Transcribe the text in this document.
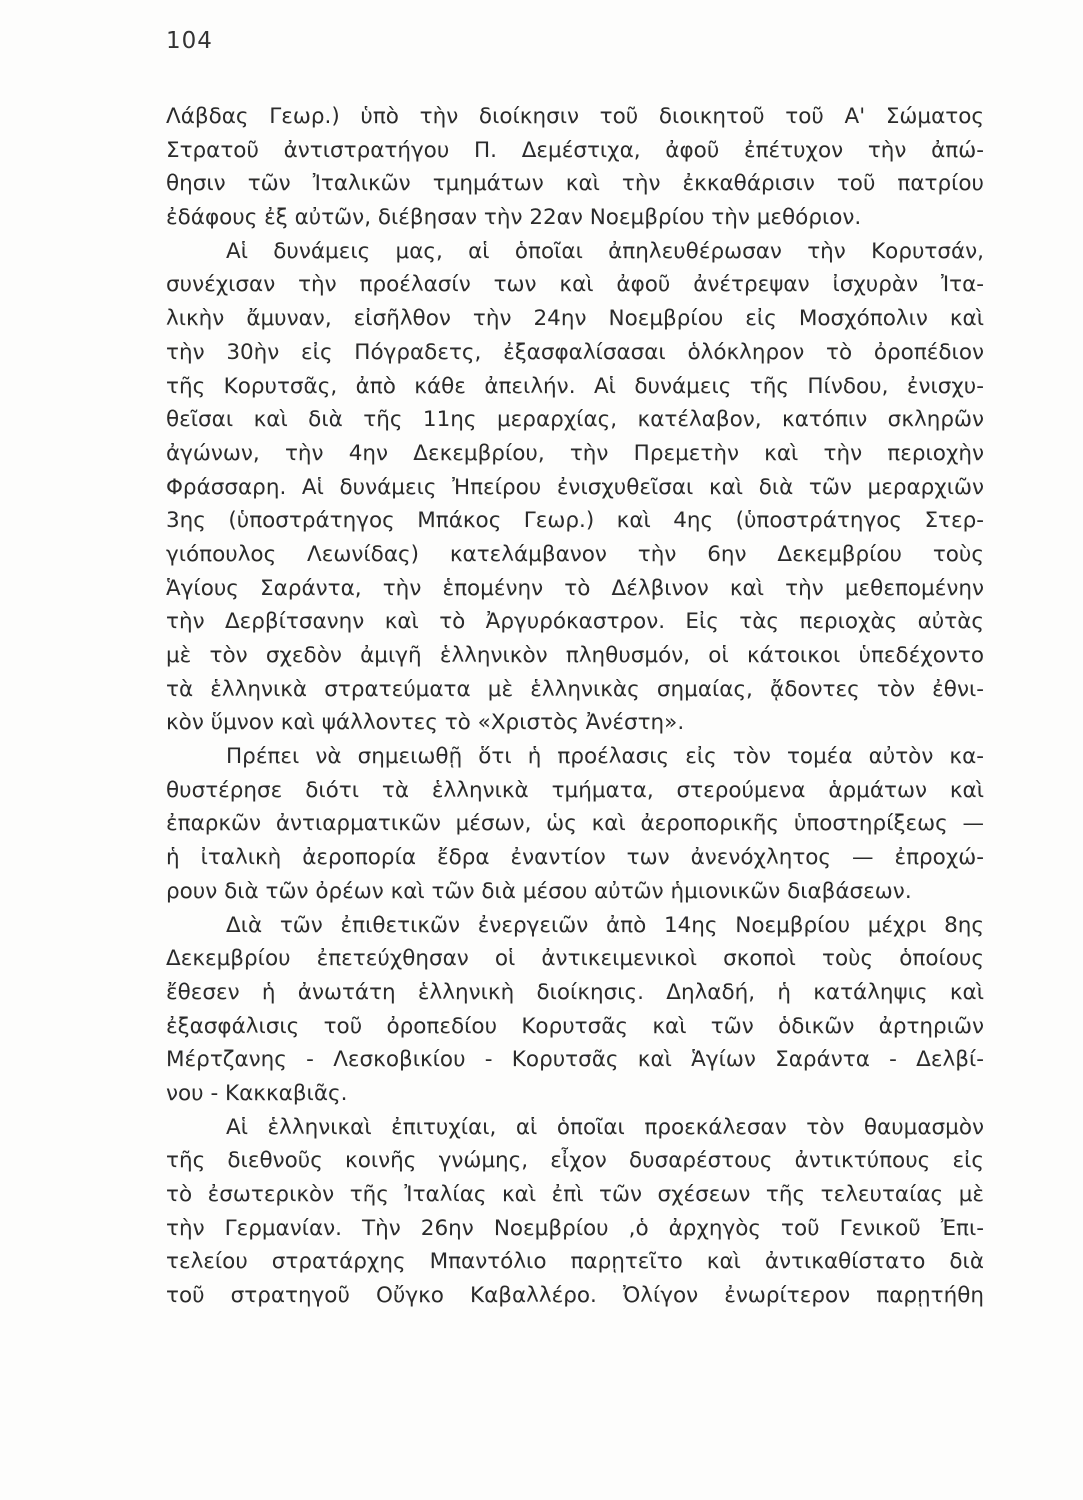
104
Λάβδας Γεωρ.) ὑπὸ τὴν διοίκησιν τοῦ διοικητοῦ τοῦ Α' Σώματος
Στρατοῦ ἀντιστρατήγου Π. Δεμέστιχα, ἀφοῦ ἐπέτυχον τὴν ἀπώ-
θησιν τῶν Ἰταλικῶν τμημάτων καὶ τὴν ἐκκαθάρισιν τοῦ πατρίου
ἐδάφους ἐξ αὐτῶν, διέβησαν τὴν 22αν Νοεμβρίου τὴν μεθόριον.
Αἱ δυνάμεις μας, αἱ ὁποῖαι ἀπηλευθέρωσαν τὴν Κορυτσάν,
συνέχισαν τὴν προέλασίν των καὶ ἀφοῦ ἀνέτρεψαν ἰσχυρὰν Ἰτα-
λικὴν ἄμυναν, εἰσῆλθον τὴν 24ην Νοεμβρίου εἰς Μοσχόπολιν καὶ
τὴν 30ὴν εἰς Πόγραδετς, ἐξασφαλίσασαι ὁλόκληρον τὸ ὀροπέδιον
τῆς Κορυτσᾶς, ἀπὸ κάθε ἀπειλήν. Αἱ δυνάμεις τῆς Πίνδου, ἐνισχυ-
θεῖσαι καὶ διὰ τῆς 11ης μεραρχίας, κατέλαβον, κατόπιν σκληρῶν
ἀγώνων, τὴν 4ην Δεκεμβρίου, τὴν Πρεμετὴν καὶ τὴν περιοχὴν
Φράσσαρη. Αἱ δυνάμεις Ἠπείρου ἐνισχυθεῖσαι καὶ διὰ τῶν μεραρχιῶν
3ης (ὑποστράτηγος Μπάκος Γεωρ.) καὶ 4ης (ὑποστράτηγος Στερ-
γιόπουλος Λεωνίδας) κατελάμβανον τὴν 6ην Δεκεμβρίου τοὺς
Ἁγίους Σαράντα, τὴν ἑπομένην τὸ Δέλβινον καὶ τὴν μεθεπομένην
τὴν Δερβίτσανην καὶ τὸ Ἀργυρόκαστρον. Εἰς τὰς περιοχὰς αὐτὰς
μὲ τὸν σχεδὸν ἀμιγῆ ἑλληνικὸν πληθυσμόν, οἱ κάτοικοι ὑπεδέχοντο
τὰ ἑλληνικὰ στρατεύματα μὲ ἑλληνικὰς σημαίας, ᾄδοντες τὸν ἐθνι-
κὸν ὕμνον καὶ ψάλλοντες τὸ «Χριστὸς Ἀνέστη».
Πρέπει νὰ σημειωθῇ ὅτι ἡ προέλασις εἰς τὸν τομέα αὐτὸν κα-
θυστέρησε διότι τὰ ἑλληνικὰ τμήματα, στερούμενα ἁρμάτων καὶ
ἐπαρκῶν ἀντιαρματικῶν μέσων, ὡς καὶ ἀεροπορικῆς ὑποστηρίξεως —
ἡ ἰταλικὴ ἀεροπορία ἔδρα ἐναντίον των ἀνενόχλητος — ἐπροχώ-
ρουν διὰ τῶν ὀρέων καὶ τῶν διὰ μέσου αὐτῶν ἡμιονικῶν διαβάσεων.
Διὰ τῶν ἐπιθετικῶν ἐνεργειῶν ἀπὸ 14ης Νοεμβρίου μέχρι 8ης
Δεκεμβρίου ἐπετεύχθησαν οἱ ἀντικειμενικοὶ σκοποὶ τοὺς ὁποίους
ἔθεσεν ἡ ἀνωτάτη ἑλληνικὴ διοίκησις. Δηλαδή, ἡ κατάληψις καὶ
ἐξασφάλισις τοῦ ὀροπεδίου Κορυτσᾶς καὶ τῶν ὁδικῶν ἀρτηριῶν
Μέρτζανης - Λεσκοβικίου - Κορυτσᾶς καὶ Ἁγίων Σαράντα - Δελβί-
νου - Κακκαβιᾶς.
Αἱ ἑλληνικαὶ ἐπιτυχίαι, αἱ ὁποῖαι προεκάλεσαν τὸν θαυμασμὸν
τῆς διεθνοῦς κοινῆς γνώμης, εἶχον δυσαρέστους ἀντικτύπους εἰς
τὸ ἐσωτερικὸν τῆς Ἰταλίας καὶ ἐπὶ τῶν σχέσεων τῆς τελευταίας μὲ
τὴν Γερμανίαν. Τὴν 26ην Νοεμβρίου ,ὁ ἀρχηγὸς τοῦ Γενικοῦ Ἐπι-
τελείου στρατάρχης Μπαντόλιο παρῃτεῖτο καὶ ἀντικαθίστατο διὰ
τοῦ στρατηγοῦ Οὔγκο Καβαλλέρο. Ὀλίγον ἐνωρίτερον παρῃτήθη
